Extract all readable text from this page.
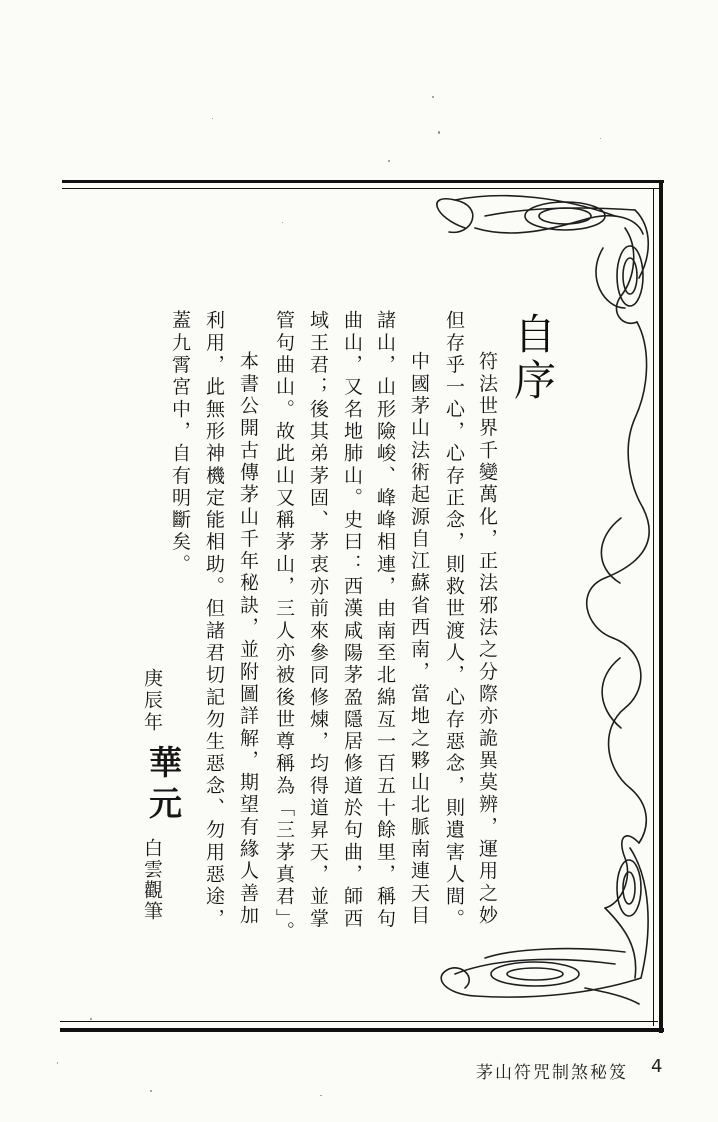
自序
符法世界千變萬化，正法邪法之分際亦詭異莫辨，運用之妙
但存乎一心，心存正念，則救世渡人，心存惡念，則遺害人間。
中國茅山法術起源自江蘇省西南，當地之夥山北脈南連天目
諸山，山形險峻、峰峰相連，由南至北綿亙一百五十餘里，稱句
曲山，又名地肺山。史曰：西漢咸陽茅盈隱居修道於句曲，師西
域王君；後其弟茅固、茅衷亦前來參同修煉，均得道昇天，並掌
管句曲山。故此山又稱茅山，三人亦被後世尊稱為「三茅真君」。
本書公開古傳茅山千年秘訣，並附圖詳解，期望有緣人善加
利用，此無形神機定能相助。但諸君切記勿生惡念、勿用惡途，
蓋九霄宮中，自有明斷矣。
庚辰年
華元
白雲觀筆
茅山符咒制煞秘笈 4
